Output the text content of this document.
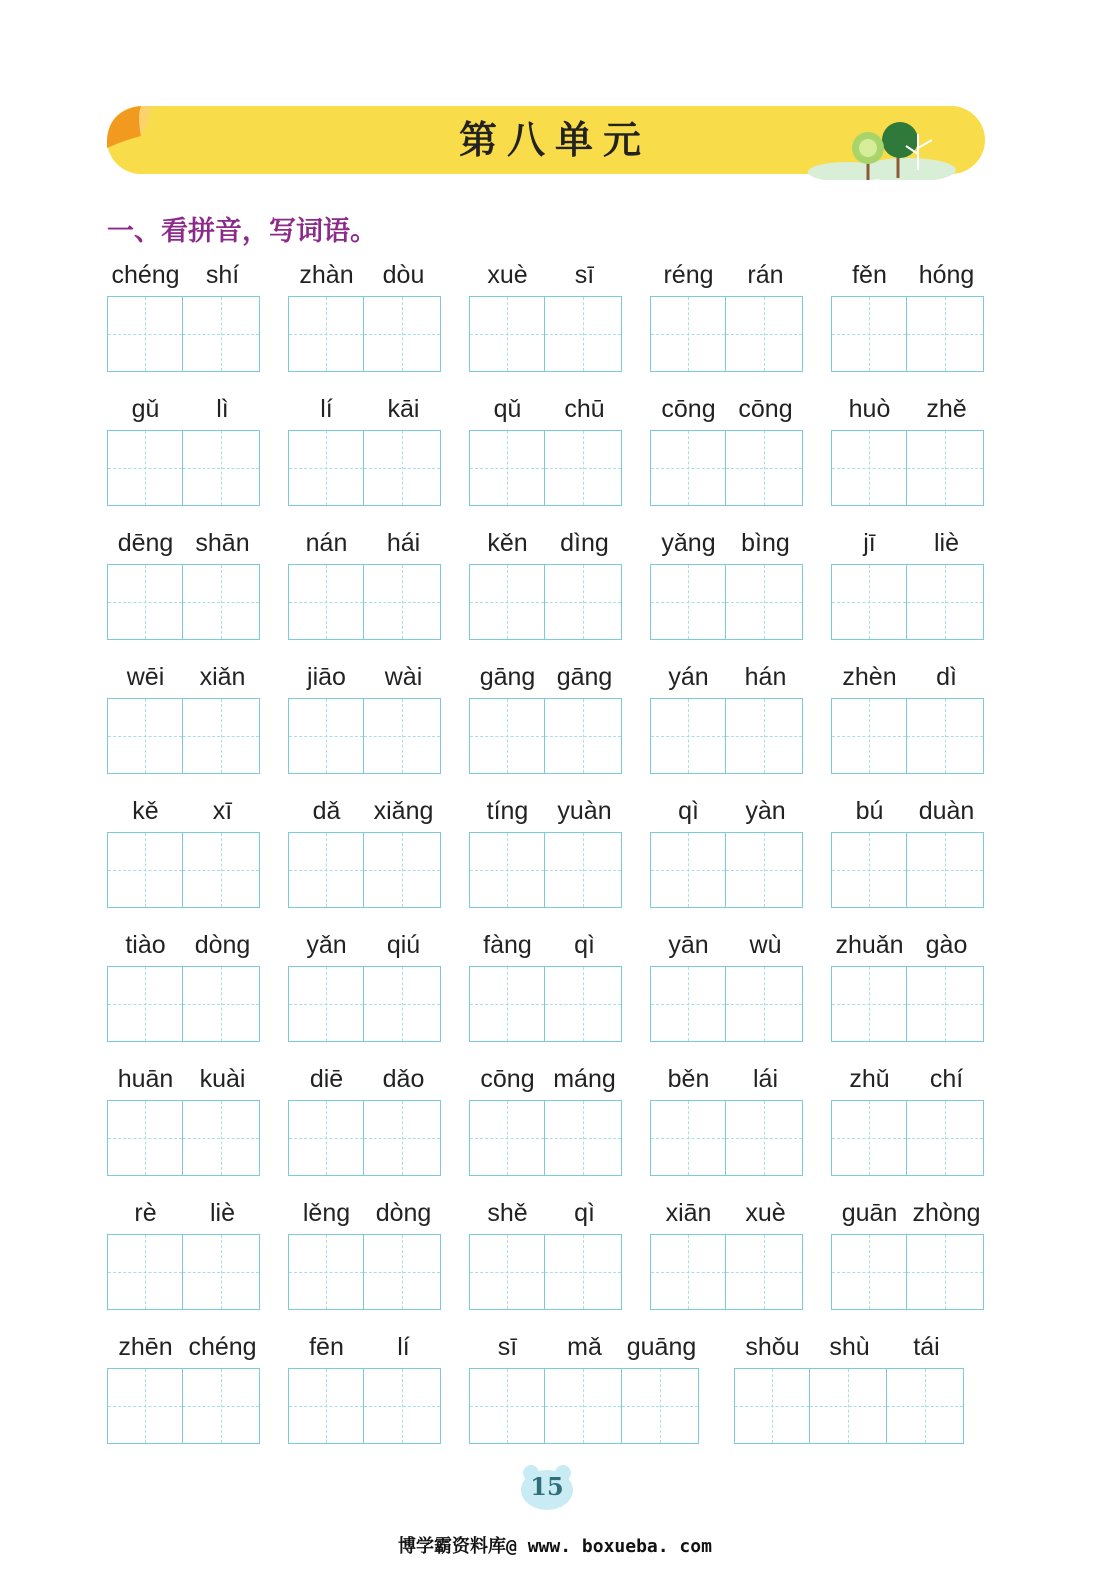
第八单元
一、看拼音，写词语。
chéng	shí	zhàn	dòu	xuè	sī	réng	rán	fěn	hóng
gǔ	lì	lí	kāi	qǔ	chū	cōng cōng	huò	zhě
dēng shān	nán	hái	kěn	dìng	yǎng	bìng	jī	liè
wēi	xiǎn	jiāo	wài	gāng gāng	yán	hán	zhèn	dì
kě	xī	dǎ	xiǎng	tíng	yuàn	qì	yàn	bú	duàn
tiào	dòng	yǎn	qiú	fàng	qì	yān	wù	zhuǎn gào
huān	kuài	diē	dǎo	cōng máng	běn	lái	zhǔ	chí
rè	liè	lěng	dòng	shě	qì	xiān	xuè	guān zhòng
zhēn chéng	fēn	lí	sī	mǎ guāng	shǒu	shù	tái
15
博学霸资料库@ www. boxueba. com
